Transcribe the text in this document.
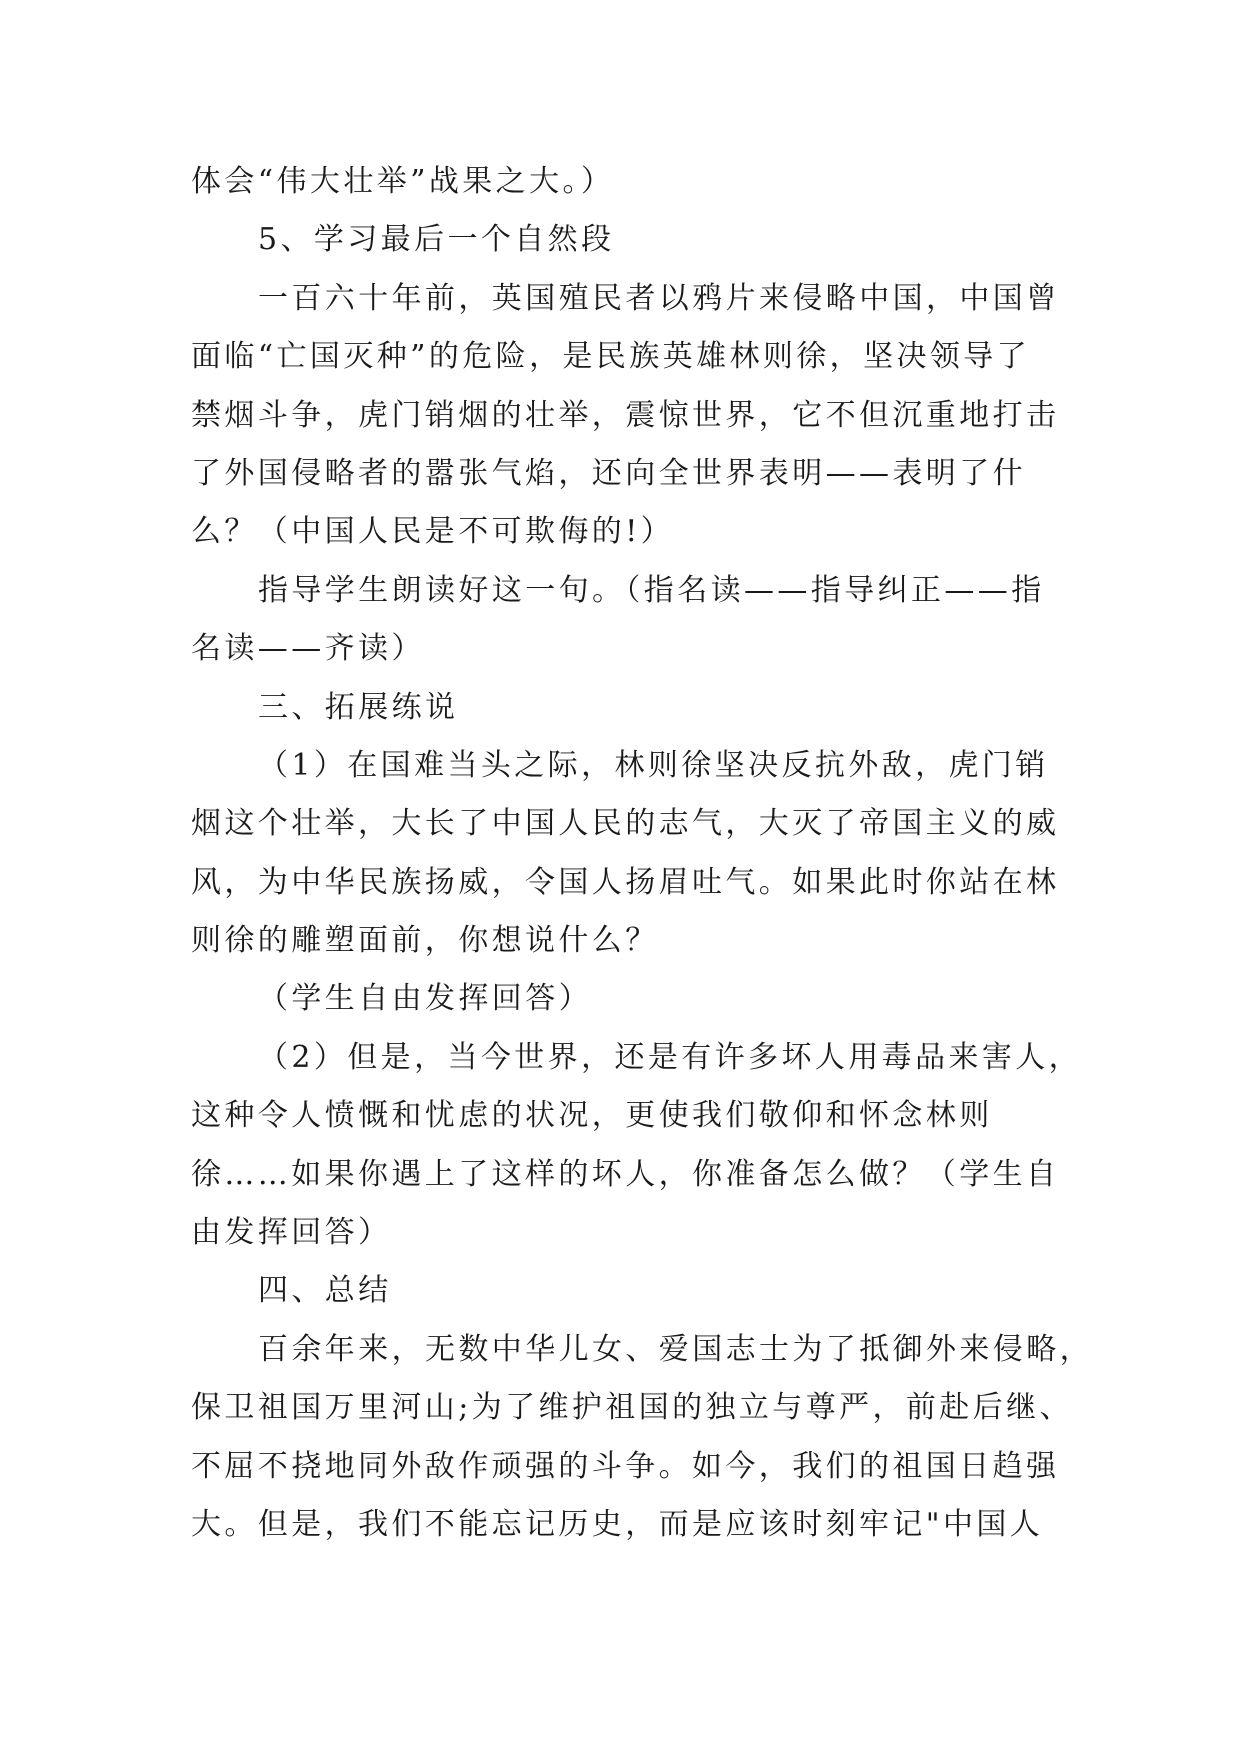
体会“伟大壮举”战果之大。）
5、学习最后一个自然段
一百六十年前，英国殖民者以鸦片来侵略中国，中国曾
面临“亡国灭种”的危险，是民族英雄林则徐，坚决领导了
禁烟斗争，虎门销烟的壮举，震惊世界，它不但沉重地打击
了外国侵略者的嚣张气焰，还向全世界表明——表明了什
么？（中国人民是不可欺侮的!）
指导学生朗读好这一句。（指名读——指导纠正——指
名读——齐读）
三、拓展练说
（1）在国难当头之际，林则徐坚决反抗外敌，虎门销
烟这个壮举，大长了中国人民的志气，大灭了帝国主义的威
风，为中华民族扬威，令国人扬眉吐气。如果此时你站在林
则徐的雕塑面前，你想说什么？
（学生自由发挥回答）
（2）但是，当今世界，还是有许多坏人用毒品来害人，
这种令人愤慨和忧虑的状况，更使我们敬仰和怀念林则
徐……如果你遇上了这样的坏人，你准备怎么做？（学生自
由发挥回答）
四、总结
百余年来，无数中华儿女、爱国志士为了抵御外来侵略，
保卫祖国万里河山;为了维护祖国的独立与尊严，前赴后继、
不屈不挠地同外敌作顽强的斗争。如今，我们的祖国日趋强
大。但是，我们不能忘记历史，而是应该时刻牢记"中国人
